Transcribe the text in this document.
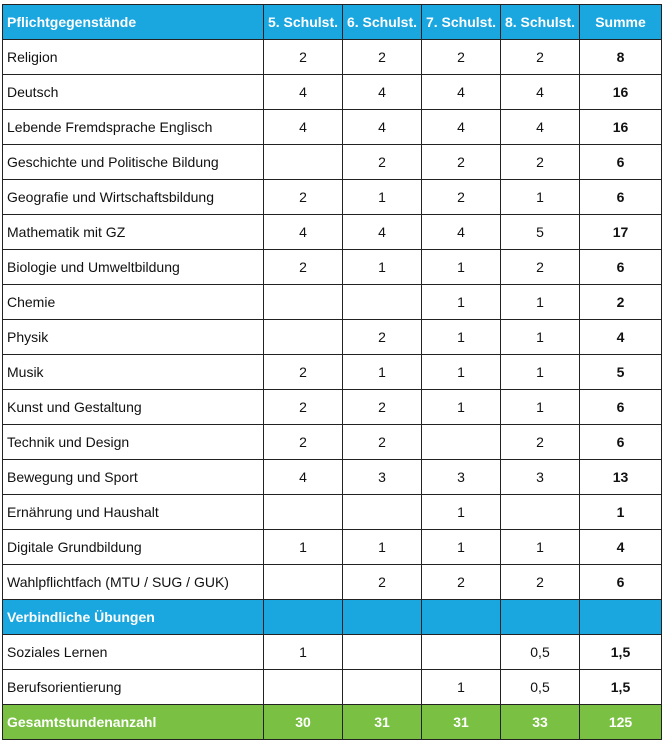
Pflichtgegenstände	5. Schulst.	6. Schulst.	7. Schulst.	8. Schulst.	Summe
Religion	2	2	2	2	8
Deutsch	4	4	4	4	16
Lebende Fremdsprache Englisch	4	4	4	4	16
Geschichte und Politische Bildung		2	2	2	6
Geografie und Wirtschaftsbildung	2	1	2	1	6
Mathematik mit GZ	4	4	4	5	17
Biologie und Umweltbildung	2	1	1	2	6
Chemie			1	1	2
Physik		2	1	1	4
Musik	2	1	1	1	5
Kunst und Gestaltung	2	2	1	1	6
Technik und Design	2	2		2	6
Bewegung und Sport	4	3	3	3	13
Ernährung und Haushalt			1		1
Digitale Grundbildung	1	1	1	1	4
Wahlpflichtfach (MTU / SUG / GUK)		2	2	2	6
Verbindliche Übungen					
Soziales Lernen	1			0,5	1,5
Berufsorientierung			1	0,5	1,5
Gesamtstundenanzahl	30	31	31	33	125
